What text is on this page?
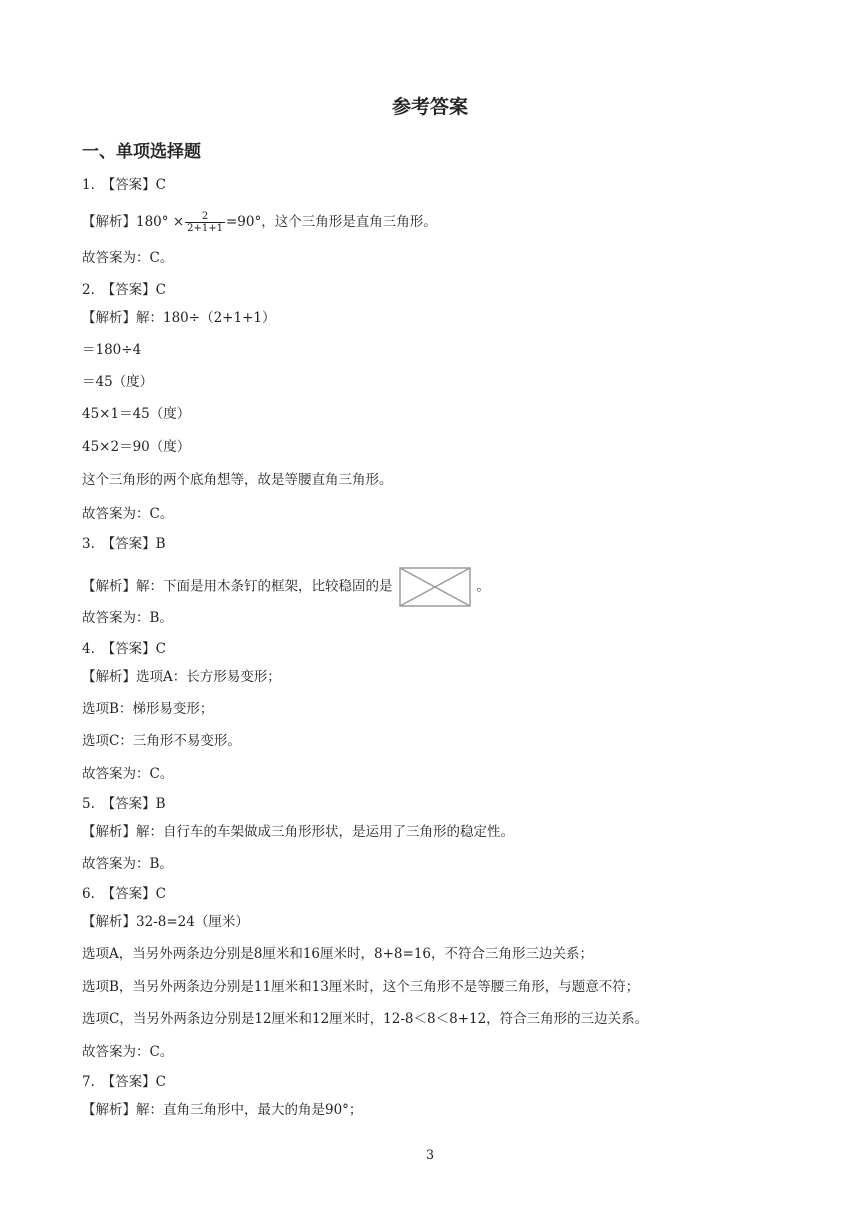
参考答案
一、单项选择题
1.　【答案】C
【解析】$180^\circ \times \frac{2}{2+1+1} =90^\circ$，这个三角形是直角三角形。
故答案为：C。
2.　【答案】C
【解析】解：180÷（2+1+1）
＝180÷4
＝45（度）
45×1＝45（度）
45×2＝90（度）
这个三角形的两个底角想等，故是等腰直角三角形。
故答案为：C。
3.　【答案】B
【解析】解：下面是用木条钉的框架，比较稳固的是	。
故答案为：B。
4.　【答案】C
【解析】选项A：长方形易变形；
选项B：梯形易变形；
选项C：三角形不易变形。
故答案为：C。
5.　【答案】B
【解析】解：自行车的车架做成三角形形状，是运用了三角形的稳定性。
故答案为：B。
6.　【答案】C
【解析】32-8=24（厘米）
选项A，当另外两条边分别是8厘米和16厘米时，8+8=16，不符合三角形三边关系；
选项B，当另外两条边分别是11厘米和13厘米时，这个三角形不是等腰三角形，与题意不符；
选项C，当另外两条边分别是12厘米和12厘米时，12-8＜8＜8+12，符合三角形的三边关系。
故答案为：C。
7.　【答案】C
【解析】解：直角三角形中，最大的角是90°；
3
